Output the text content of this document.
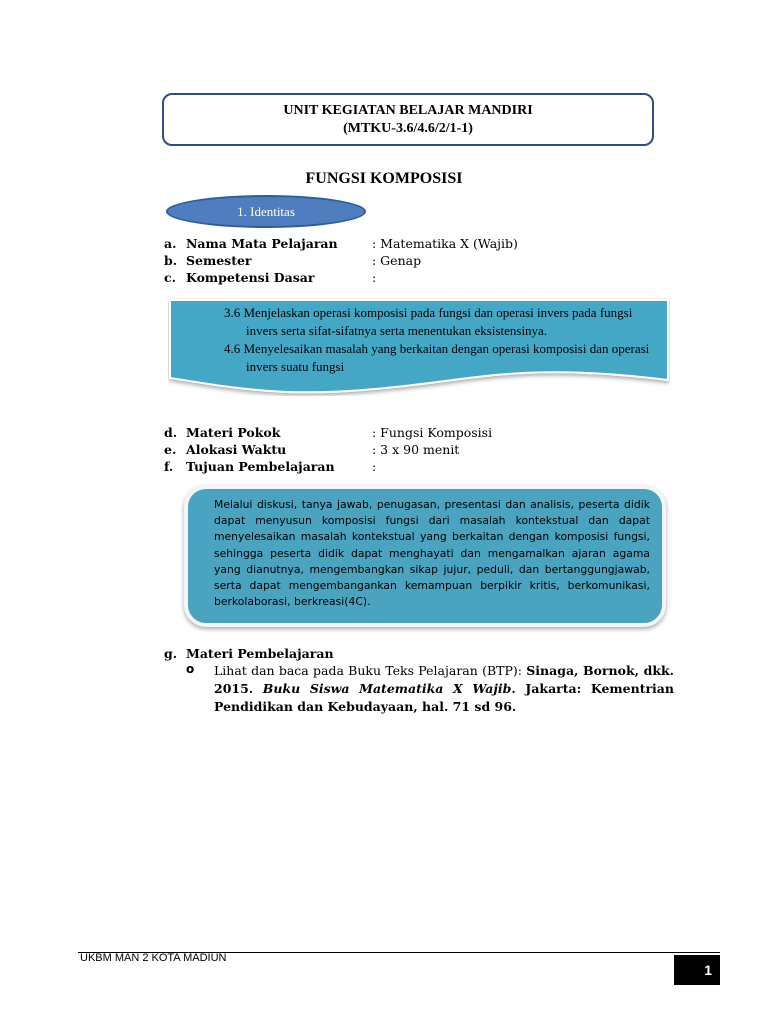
UNIT KEGIATAN BELAJAR MANDIRI
(MTKU-3.6/4.6/2/1-1)
FUNGSI KOMPOSISI
1. Identitas
a. Nama Mata Pelajaran	: Matematika X (Wajib)
b. Semester	: Genap
c. Kompetensi Dasar	:

3.6 Menjelaskan operasi komposisi pada fungsi dan operasi invers pada fungsi invers serta sifat-sifatnya serta menentukan eksistensinya.

4.6 Menyelesaikan masalah yang berkaitan dengan operasi komposisi dan operasi invers suatu fungsi

d. Materi Pokok	: Fungsi Komposisi
e. Alokasi Waktu	: 3 x 90 menit
f. Tujuan Pembelajaran	:
Melalui diskusi, tanya jawab, penugasan, presentasi dan analisis, peserta didik dapat menyusun komposisi fungsi dari masalah kontekstual dan dapat menyelesaikan masalah kontekstual yang berkaitan dengan komposisi fungsi, sehingga peserta didik dapat menghayati dan mengamalkan ajaran agama yang dianutnya, mengembangkan sikap jujur, peduli, dan bertanggungjawab, serta dapat mengembangankan kemampuan berpikir kritis, berkomunikasi, berkolaborasi, berkreasi(4C).
g. Materi Pembelajaran
o Lihat dan baca pada Buku Teks Pelajaran (BTP): Sinaga, Bornok, dkk. 2015. Buku Siswa Matematika X Wajib. Jakarta: Kementrian Pendidikan dan Kebudayaan, hal. 71 sd 96.
UKBM MAN 2 KOTA MADIUN
1
